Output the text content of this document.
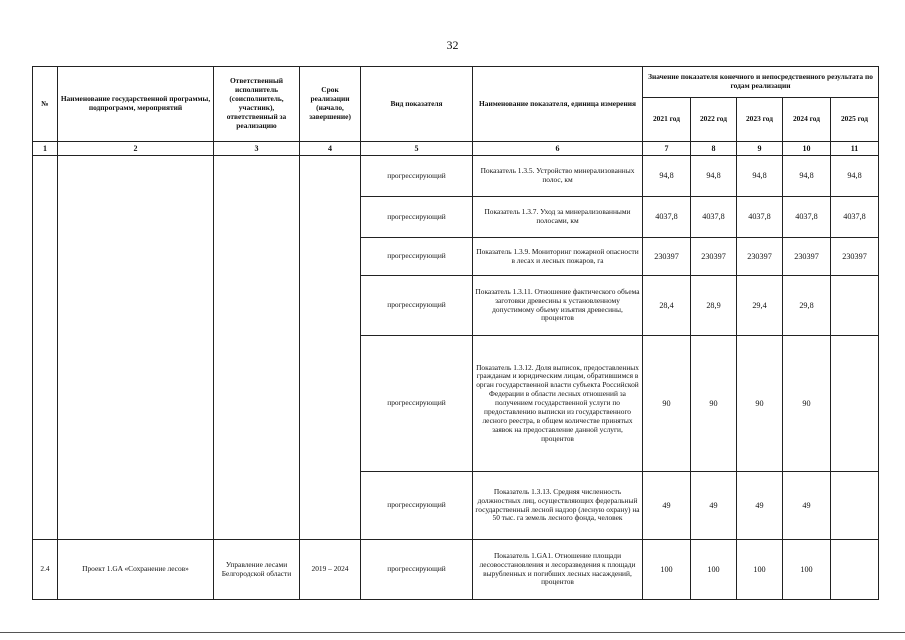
32
№	Наименование государственной программы, подпрограмм, мероприятий	Ответственный исполнитель (соисполнитель, участник), ответственный за реализацию	Срок реализации (начало, завершение)	Вид показателя	Наименование показателя, единица измерения	Значение показателя конечного и непосредственного результата по годам реализации				
						2021 год	2022 год	2023 год	2024 год	2025 год
1	2	3	4	5	6	7	8	9	10	11
				прогрессирующий	Показатель 1.3.5. Устройство минерализованных полос, км	94,8	94,8	94,8	94,8	94,8
				прогрессирующий	Показатель 1.3.7. Уход за минерализованными полосами, км	4037,8	4037,8	4037,8	4037,8	4037,8
				прогрессирующий	Показатель 1.3.9. Мониторинг пожарной опасности в лесах и лесных пожаров, га	230397	230397	230397	230397	230397
				прогрессирующий	Показатель 1.3.11. Отношение фактического объема заготовки древесины к установленному допустимому объему изъятия древесины, процентов	28,4	28,9	29,4	29,8	
				прогрессирующий	Показатель 1.3.12. Доля выписок, предоставленных гражданам и юридическим лицам, обратившимся в орган государственной власти субъекта Российской Федерации в области лесных отношений за получением государственной услуги по предоставлению выписки из государственного лесного реестра, в общем количестве принятых заявок на предоставление данной услуги, процентов	90	90	90	90	
				прогрессирующий	Показатель 1.3.13. Средняя численность должностных лиц, осуществляющих федеральный государственный лесной надзор (лесную охрану) на 50 тыс. га земель лесного фонда, человек	49	49	49	49	
2.4	Проект 1.GA «Сохранение лесов»	Управление лесами Белгородской области	2019 – 2024	прогрессирующий	Показатель 1.GA1. Отношение площади лесовосстановления и лесоразведения к площади вырубленных и погибших лесных насаждений, процентов	100	100	100	100	
